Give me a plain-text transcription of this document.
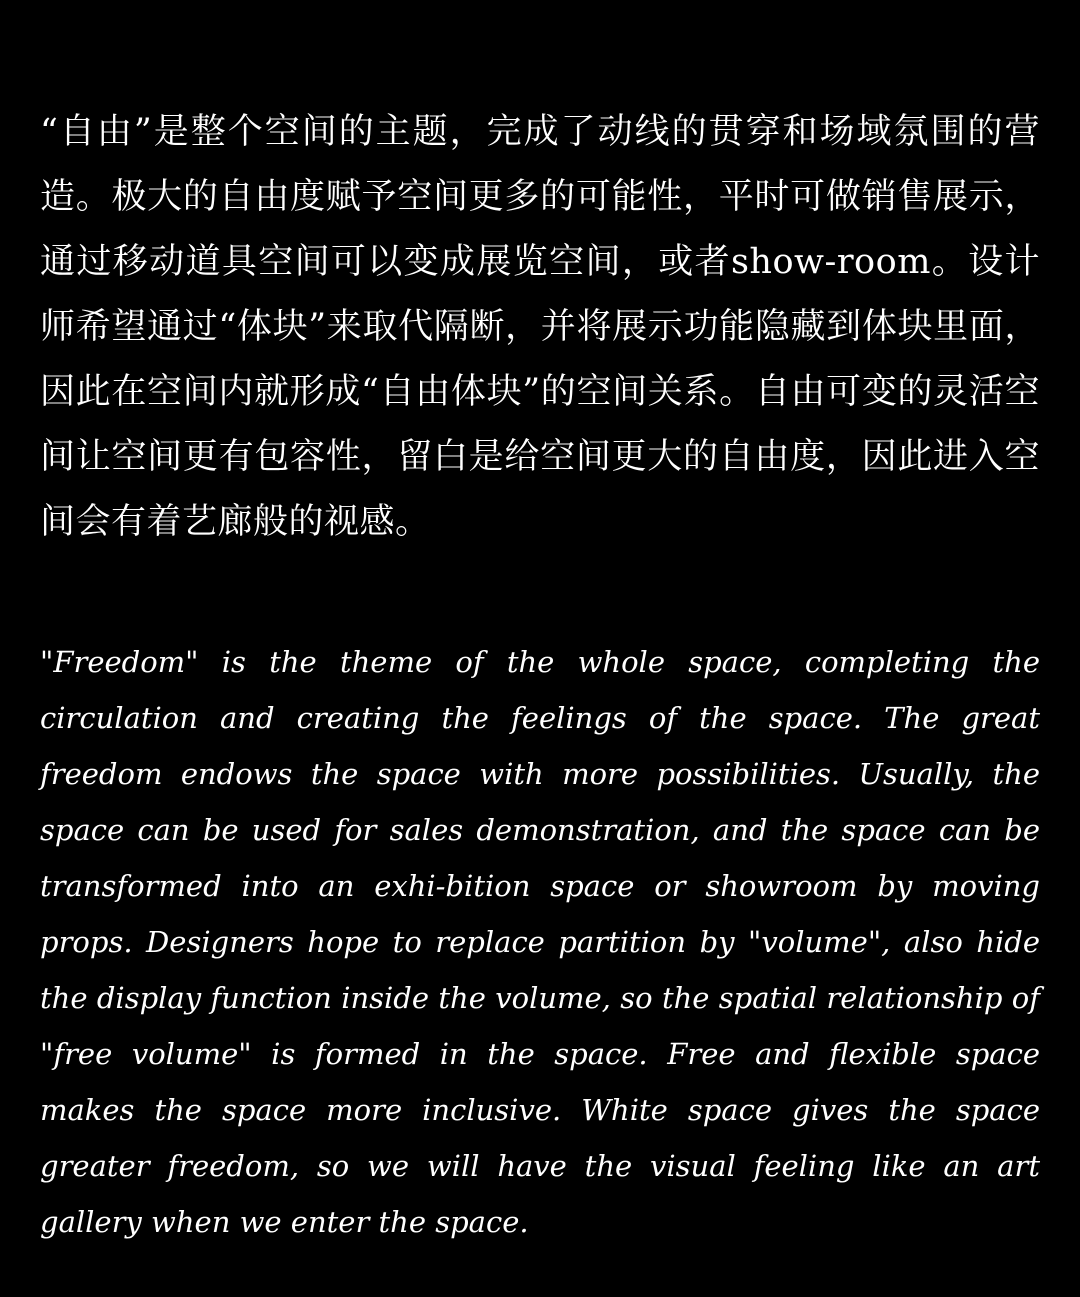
“自由”是整个空间的主题，完成了动线的贯穿和场域氛围的营造。极大的自由度赋予空间更多的可能性，平时可做销售展示，通过移动道具空间可以变成展览空间，或者show-room。设计师希望通过“体块”来取代隔断，并将展示功能隐藏到体块里面，因此在空间内就形成“自由体块”的空间关系。自由可变的灵活空间让空间更有包容性，留白是给空间更大的自由度，因此进入空间会有着艺廊般的视感。

"Freedom" is the theme of the whole space, completing the circulation and creating the feelings of the space. The great freedom endows the space with more possibilities. Usually, the space can be used for sales demonstration, and the space can be transformed into an exhi-bition space or showroom by moving props. Designers hope to replace partition by "volume", also hide the display function inside the volume, so the spatial relationship of "free volume" is formed in the space. Free and flexible space makes the space more inclusive. White space gives the space greater freedom, so we will have the visual feeling like an art gallery when we enter the space.
